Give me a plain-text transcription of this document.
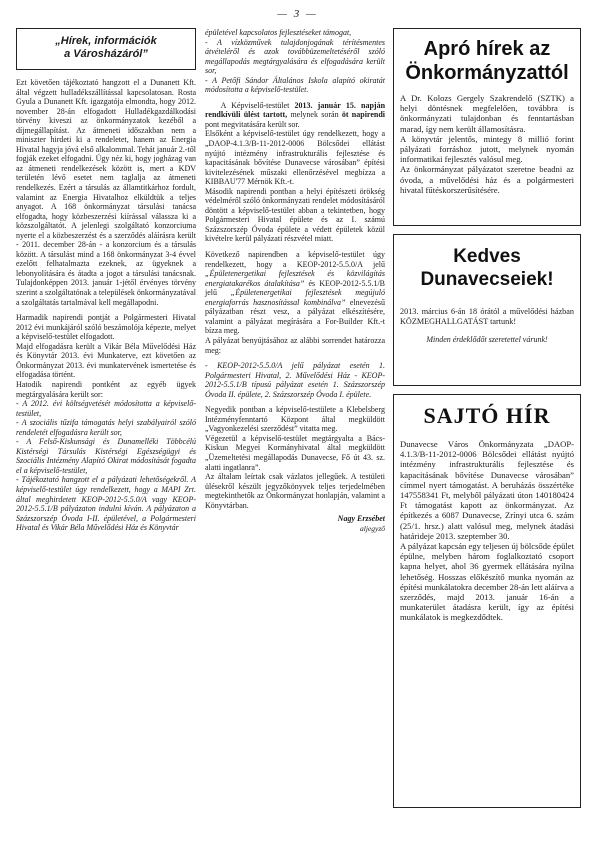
— 3 —
„Hírek, információk
a Városházáról”

Ezt követően tájékoztató hangzott el a Dunanett Kft. által végzett hulladékszállítással kapcsolatosan. Rosta Gyula a Dunanett Kft. igazgatója elmondta, hogy 2012. november 28-án elfogadott Hulladékgazdálkodási törvény kiveszi az önkormányzatok kezéből a díjmegállapítást. Az átmeneti időszakban nem a miniszter hirdeti ki a rendeletet, hanem az Energia Hivatal hagyja jóvá első alkalommal. Tehát január 2.-től fogják ezeket elfogadni. Úgy néz ki, hogy jogházag van az átmeneti rendelkezések között is, mert a KDV területén lévő esetet nem taglalja az átmeneti rendelkezés. Ezért a társulás az államtitkárhoz fordult, valamint az Energia Hivatalhoz elküldtük a teljes anyagot. A 168 önkormányzat társulási tanácsa elfogadta, hogy közbeszerzési kiírással válassza ki a közszolgáltatót. A jelenlegi szolgáltató konzorciuma nyerte el a közbeszerzést és a szerződés aláírásra került - 2011. december 28-án - a konzorcium és a társulás között. A társulást mind a 168 önkormányzat 3-4 évvel ezelőtt felhatalmazta ezeknek, az ügyeknek a lebonyolítására és átadta a jogot a társulási tanácsnak. Tulajdonképpen 2013. január 1-jétől érvényes törvény szerint a szolgáltatónak a települések önkormányzatával a szolgáltatás tartalmával kell megállapodni.

Harmadik napirendi pontját a Polgármesteri Hivatal 2012 évi munkájáról szóló beszámolója képezte, melyet a képviselő-testület elfogadott.

Majd elfogadásra került a Vikár Béla Művelődési Ház és Könyvtár 2013. évi Munkaterve, ezt követően az Önkormányzat 2013. évi munkatervének ismertetése és elfogadása történt.

Hatodik napirendi pontként az egyéb ügyek megtárgyalására került sor:

- A 2012. évi költségvetését módosította a képviselő-testület,

- A szociális tűzifa támogatás helyi szabályairól szóló rendeletét elfogadásra került sor,

- A Felső-Kiskunsági és Dunamelléki Többcélú Kistérségi Társulás Kistérségi Egészségügyi és Szociális Intézmény Alapító Okirat módosítását fogadta el a képviselő-testület,

- Tájékoztató hangzott el a pályázati lehetőségekről. A képviselő-testület úgy rendelkezett, hogy a MAPI Zrt. által meghirdetett KEOP-2012-5.5.0/A vagy KEOP-2012-5.5.1/B pályázaton indulni kíván. A pályázaton a Százszorszép Óvoda I-II. épületével, a Polgármesteri Hivatal és Vikár Béla Művelődési Ház és Könyvtár

épületével kapcsolatos fejlesztéseket támogat,

- A vízközművek tulajdonjogának térítésmentes átvételéről és azok továbbüzemeltetéséről szóló megállapodás megtárgyalására és elfogadására került sor,

- A Petőfi Sándor Általános Iskola alapító okiratát módosította a képviselő-testület.

A Képviselő-testület 2013. január 15. napján rendkívüli ülést tartott, melynek során öt napirendi pont megvitatására került sor.

Elsőként a képviselő-testület úgy rendelkezett, hogy a „DAOP-4.1.3/B-11-2012-0006 Bölcsődei ellátást nyújtó intézmény infrastrukturális fejlesztése és kapacitásának bővítése Dunavecse városában” építési kivitelezésének műszaki ellenőrzésével megbízza a KIBBAU'77 Mérnök Kft.-t.

Második napirendi pontban a helyi építészeti örökség védelméről szóló önkormányzati rendelet módosításáról döntött a képviselő-testület abban a tekintetben, hogy Polgármesteri Hivatal épülete és az I. számú Százszorszép Óvoda épülete a védett épületek közül kivételre kerül pályázati részvétel miatt.

Következő napirendben a képviselő-testület úgy rendelkezett, hogy a KEOP-2012-5.5.0/A jelű „Épületenergetikai fejlesztések és közvilágítás energiatakarékos átalakítása” és KEOP-2012-5.5.1/B jelű „Épületenergetikai fejlesztések megújuló energiaforrás hasznosítással kombinálva” elnevezésű pályázatban részt vesz, a pályázat elkészítésére, valamint a pályázat megírására a For-Builder Kft.-t bízza meg.

A pályázat benyújtásához az alábbi sorrendet határozza meg:

- KEOP-2012-5.5.0/A jelű pályázat esetén 1. Polgármesteri Hivatal, 2. Művelődési Ház - KEOP-2012-5.5.1/B típusú pályázat esetén 1. Százszorszép Óvoda II. épülete, 2. Százszorszép Óvoda I. épülete.

Negyedik pontban a képviselő-testülete a Klebelsberg Intézményfenntartó Központ által megküldött „Vagyonkezelési szerződést” vitatta meg.

Végezetül a képviselő-testület megtárgyalta a Bács-Kiskun Megyei Kormányhivatal által megküldött „Üzemeltetési megállapodás Dunavecse, Fő út 43. sz. alatti ingatlanra”.

Az általam leírtak csak vázlatos jellegűek. A testületi ülésekről készült jegyzőkönyvek teljes terjedelmében megtekinthetők az Önkormányzat honlapján, valamint a Könyvtárban.

Nagy Erzsébet
aljegyző
Apró hírek az Önkormányzattól

A Dr. Kolozs Gergely Szakrendelő (SZTK) a helyi döntésnek megfelelően, továbbra is önkormányzati tulajdonban és fenntartásban marad, így nem került államosításra.

A könyvtár jelentős, mintegy 8 millió forint pályázati forráshoz jutott, melynek nyomán informatikai fejlesztés valósul meg.

Az önkormányzat pályázatot szeretne beadni az óvoda, a művelődési ház és a polgármesteri hivatal fűtéskorszerűsítésére.

Kedves Dunavecseiek!

2013. március 6-án 18 órától a művelődési házban KÖZMEGHALLGATÁST tartunk!

Minden érdeklődőt szeretettel várunk!
SAJTÓ HÍR

Dunavecse Város Önkormányzata „DAOP-4.1.3/B-11-2012-0006 Bölcsődei ellátást nyújtó intézmény infrastrukturális fejlesztése és kapacitásának bővítése Dunavecse városában” címmel nyert támogatást. A beruházás összértéke 147558341 Ft, melyből pályázati úton 140180424 Ft támogatást kapott az önkormányzat. Az építkezés a 6087 Dunavecse, Zrínyi utca 6. szám (25/1. hrsz.) alatt valósul meg, melynek átadási határideje 2013. szeptember 30.

A pályázat kapcsán egy teljesen új bölcsőde épület épülne, melyben három foglalkoztató csoport kapna helyet, ahol 36 gyermek ellátására nyílna lehetőség. Hosszas előkészítő munka nyomán az építési munkálatokra december 28-án lett aláírva a szerződés, majd 2013. január 16-án a munkaterület átadásra került, így az építési munkálatok is megkezdődtek.
